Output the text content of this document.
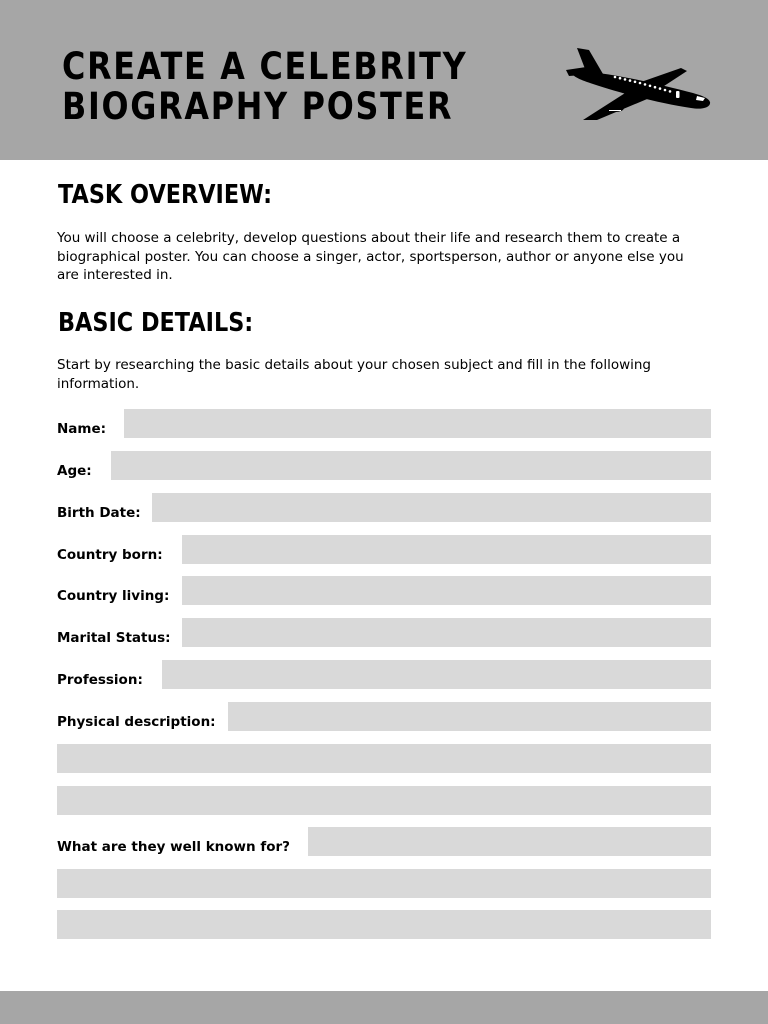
CREATE A CELEBRITY
BIOGRAPHY POSTER
TASK OVERVIEW:

You will choose a celebrity, develop questions about their life and research them to create a biographical poster. You can choose a singer, actor, sportsperson, author or anyone else you are interested in.

BASIC DETAILS:

Start by researching the basic details about your chosen subject and fill in the following information.

Name:
Age:
Birth Date:
Country born:
Country living:
Marital Status:
Profession:
Physical description:
What are they well known for?
